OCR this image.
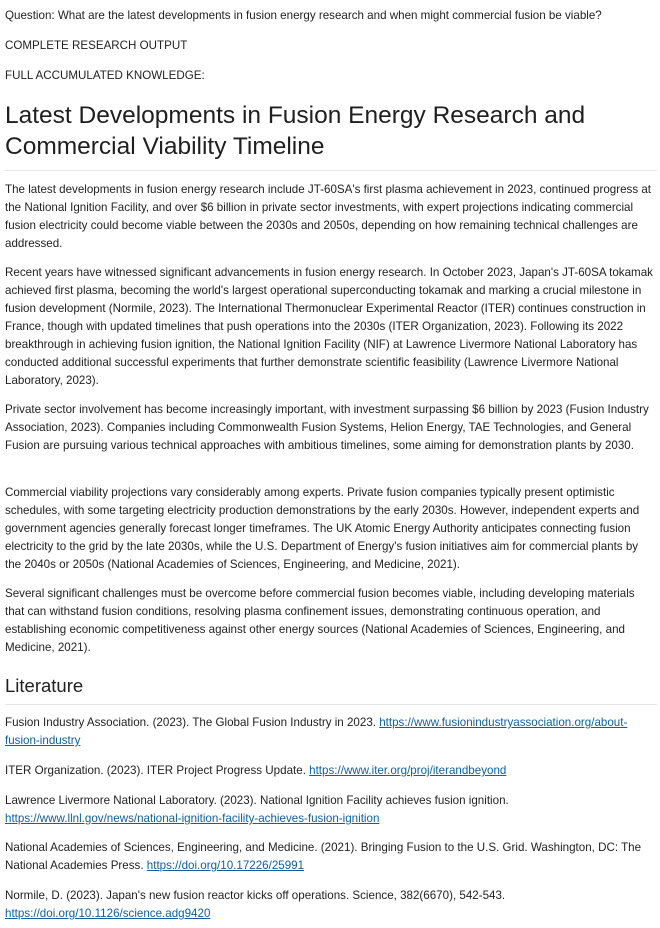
Question: What are the latest developments in fusion energy research and when might commercial fusion be viable?

COMPLETE RESEARCH OUTPUT

FULL ACCUMULATED KNOWLEDGE:

Latest Developments in Fusion Energy Research and Commercial Viability Timeline

The latest developments in fusion energy research include JT-60SA's first plasma achievement in 2023, continued progress at the National Ignition Facility, and over $6 billion in private sector investments, with expert projections indicating commercial fusion electricity could become viable between the 2030s and 2050s, depending on how remaining technical challenges are addressed.

Recent years have witnessed significant advancements in fusion energy research. In October 2023, Japan's JT-60SA tokamak achieved first plasma, becoming the world's largest operational superconducting tokamak and marking a crucial milestone in fusion development (Normile, 2023). The International Thermonuclear Experimental Reactor (ITER) continues construction in France, though with updated timelines that push operations into the 2030s (ITER Organization, 2023). Following its 2022 breakthrough in achieving fusion ignition, the National Ignition Facility (NIF) at Lawrence Livermore National Laboratory has conducted additional successful experiments that further demonstrate scientific feasibility (Lawrence Livermore National Laboratory, 2023).

Private sector involvement has become increasingly important, with investment surpassing $6 billion by 2023 (Fusion Industry Association, 2023). Companies including Commonwealth Fusion Systems, Helion Energy, TAE Technologies, and General Fusion are pursuing various technical approaches with ambitious timelines, some aiming for demonstration plants by 2030.

Commercial viability projections vary considerably among experts. Private fusion companies typically present optimistic schedules, with some targeting electricity production demonstrations by the early 2030s. However, independent experts and government agencies generally forecast longer timeframes. The UK Atomic Energy Authority anticipates connecting fusion electricity to the grid by the late 2030s, while the U.S. Department of Energy's fusion initiatives aim for commercial plants by the 2040s or 2050s (National Academies of Sciences, Engineering, and Medicine, 2021).

Several significant challenges must be overcome before commercial fusion becomes viable, including developing materials that can withstand fusion conditions, resolving plasma confinement issues, demonstrating continuous operation, and establishing economic competitiveness against other energy sources (National Academies of Sciences, Engineering, and Medicine, 2021).

Literature

Fusion Industry Association. (2023). The Global Fusion Industry in 2023. https://www.fusionindustryassociation.org/about-fusion-industry

ITER Organization. (2023). ITER Project Progress Update. https://www.iter.org/proj/iterandbeyond

Lawrence Livermore National Laboratory. (2023). National Ignition Facility achieves fusion ignition. https://www.llnl.gov/news/national-ignition-facility-achieves-fusion-ignition

National Academies of Sciences, Engineering, and Medicine. (2021). Bringing Fusion to the U.S. Grid. Washington, DC: The National Academies Press. https://doi.org/10.17226/25991

Normile, D. (2023). Japan's new fusion reactor kicks off operations. Science, 382(6670), 542-543. https://doi.org/10.1126/science.adg9420
